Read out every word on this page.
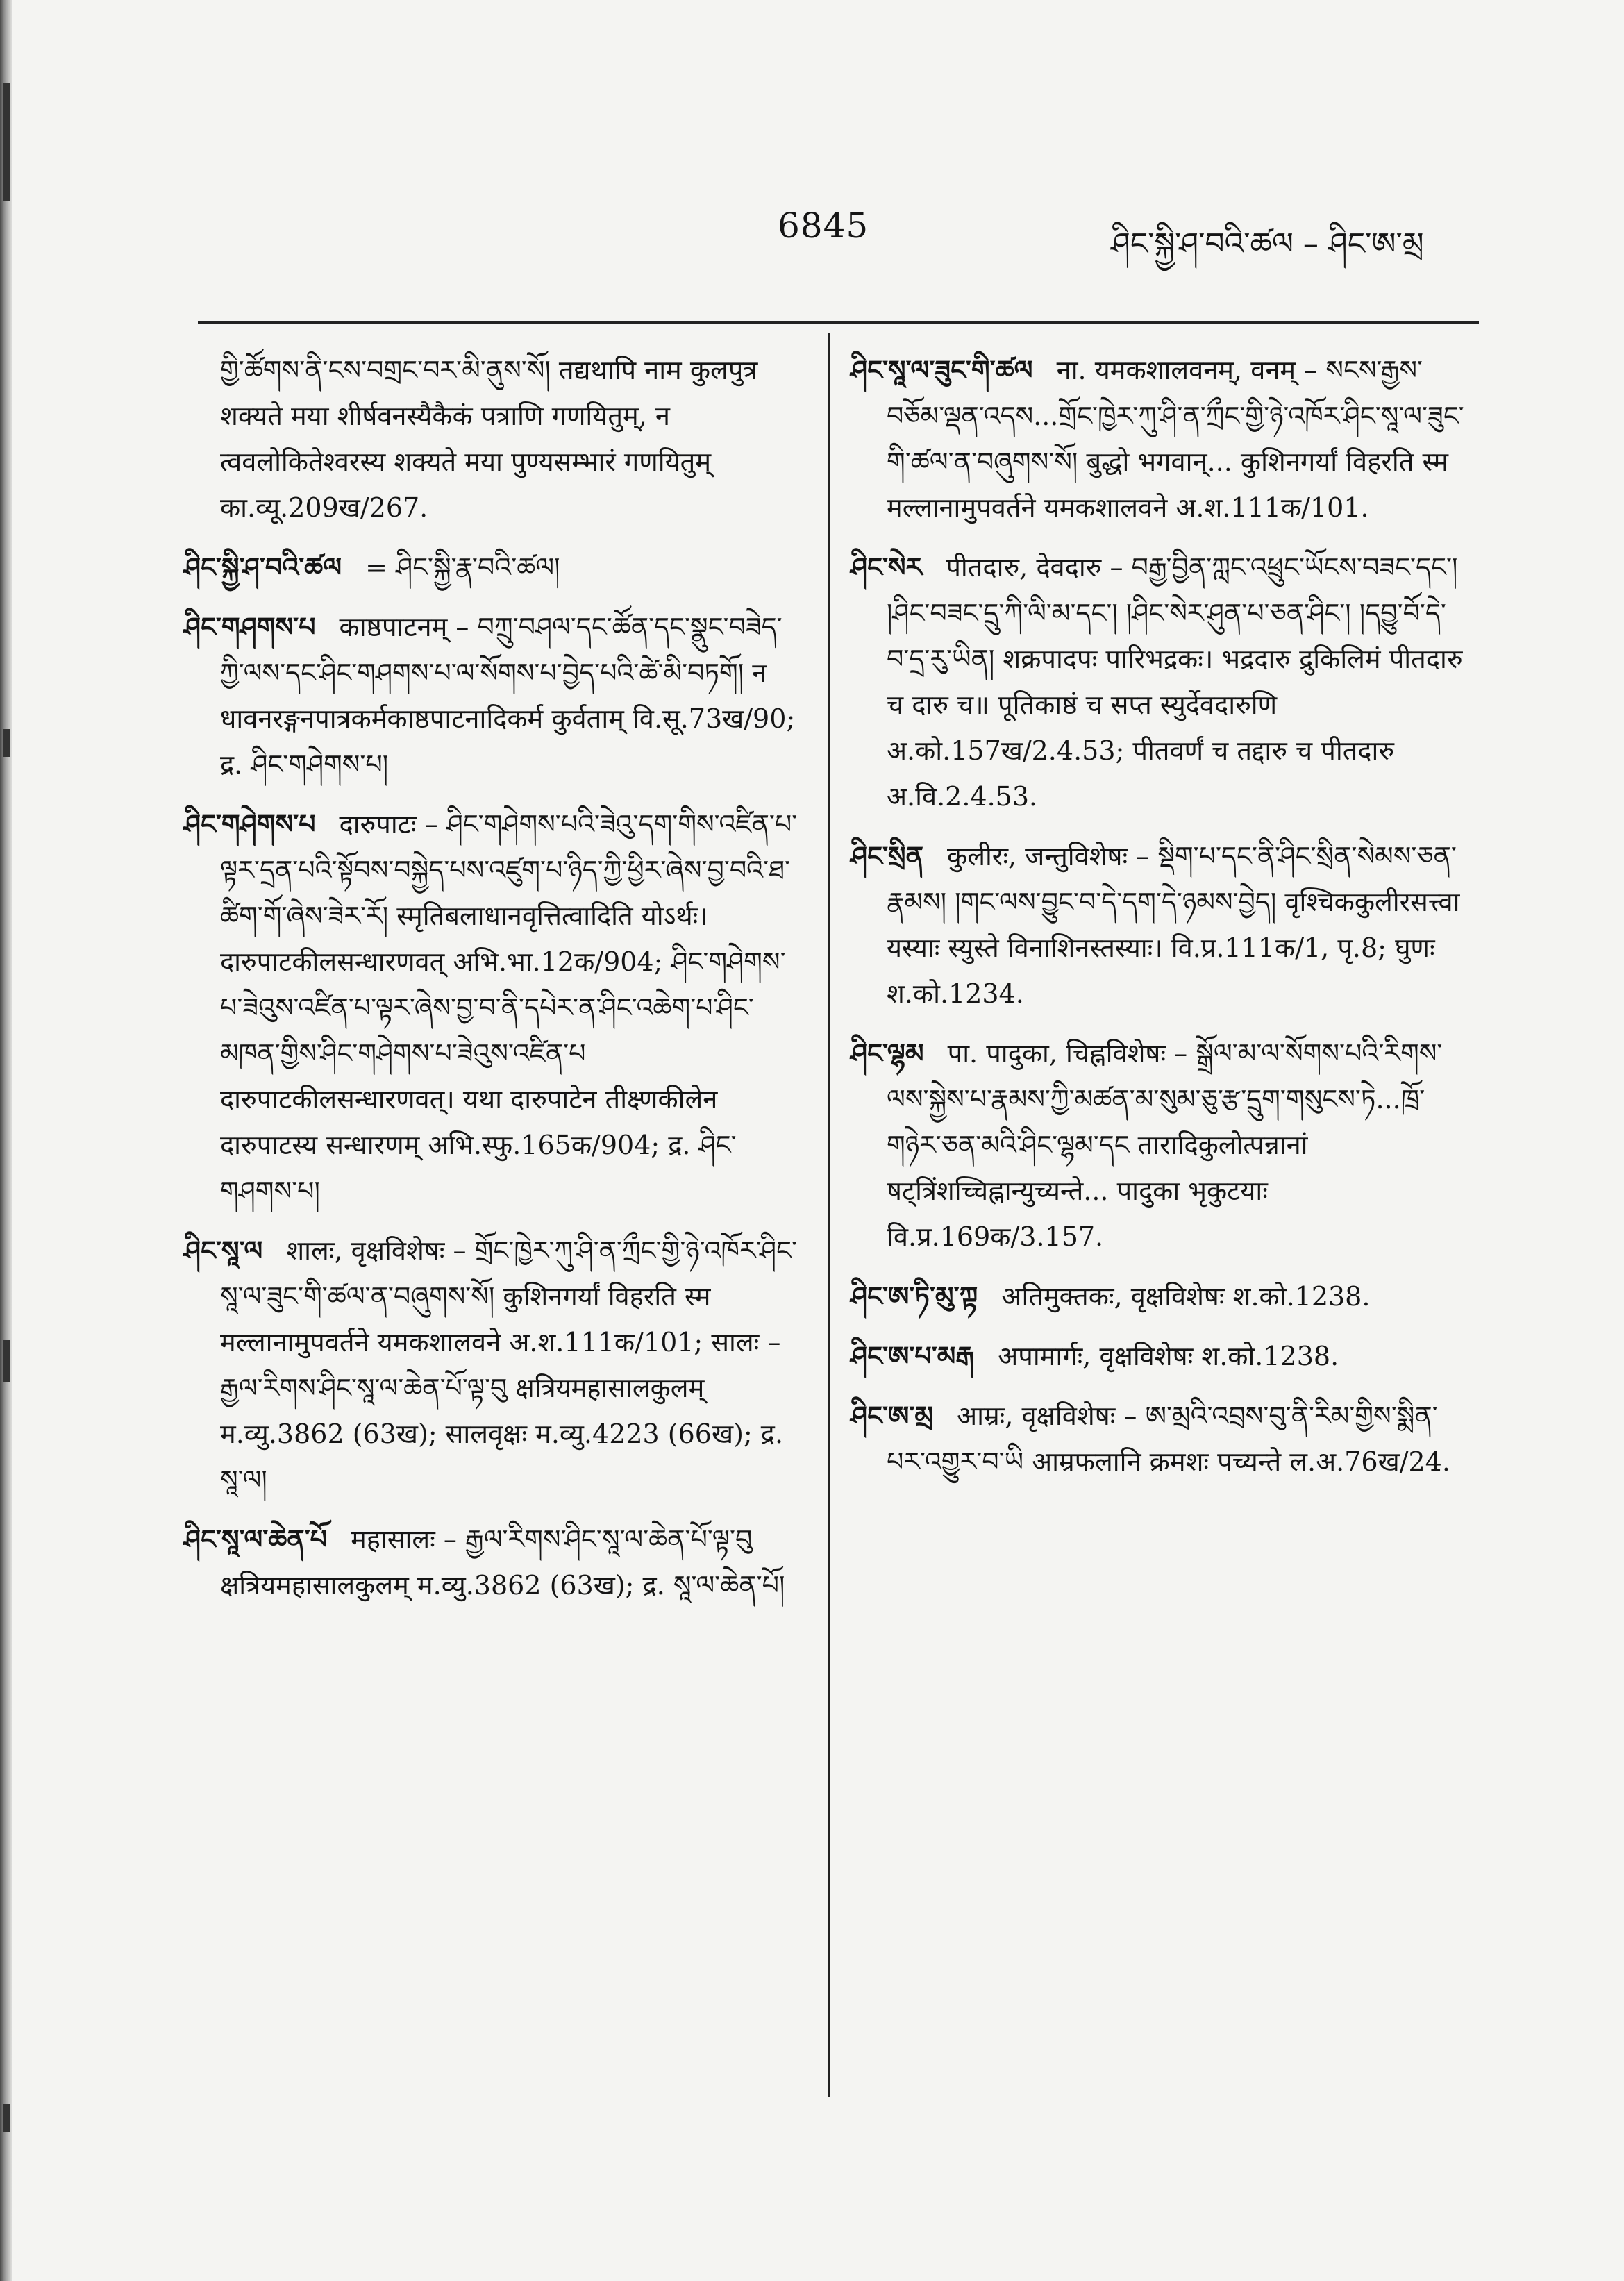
6845	ཤིང་སྐྱི་ཤ་བའི་ཚལ – ཤིང་ཨ་མྲ

གྱི་ཚོགས་ནི་ངས་བགྲང་བར་མི་ནུས་སོ། तद्यथापि नाम कुलपुत्र शक्यते मया शीर्षवनस्यैकैकं पत्राणि गणयितुम्, न त्ववलोकितेश्वरस्य शक्यते मया पुण्यसम्भारं गणयितुम् का.व्यू.209ख/267.

ཤིང་སྐྱི་ཤ་བའི་ཚལ = ཤིང་སྐྱི་རྣ་བའི་ཚལ།

ཤིང་གཤགས་པ काष्ठपाटनम् – བཀྲུ་བཤལ་དང་ཚོན་དང་སྣུང་བཟེད་ཀྱི་ལས་དང་ཤིང་གཤགས་པ་ལ་སོགས་པ་བྱེད་པའི་ཚེ་མི་བཏགོ། न धावनरङ्गनपात्रकर्मकाष्ठपाटनादिकर्म कुर्वताम् वि.सू.73ख/90; द्र. ཤིང་གཤེགས་པ།

ཤིང་གཤེགས་པ दारुपाटः – ཤིང་གཤེགས་པའི་ཟེའུ་དག་གིས་འཛིན་པ་ལྟར་དྲན་པའི་སྟོབས་བསྐྱེད་པས་འཛུག་པ་ཉིད་ཀྱི་ཕྱིར་ཞེས་བྱ་བའི་ཐ་ཚིག་གོ་ཞེས་ཟེར་རོ། स्मृतिबलाधानवृत्तित्वादिति योऽर्थः। दारुपाटकीलसन्धारणवत् अभि.भा.12क/904; ཤིང་གཤེགས་པ་ཟེའུས་འཛིན་པ་ལྟར་ཞེས་བྱ་བ་ནི་དཔེར་ན་ཤིང་འཆེག་པ་ཤིང་མཁན་གྱིས་ཤིང་གཤེགས་པ་ཟེའུས་འཛིན་པ दारुपाटकीलसन्धारणवत्। यथा दारुपाटेन तीक्ष्णकीलेन दारुपाटस्य सन्धारणम् अभि.स्फु.165क/904; द्र. ཤིང་གཤགས་པ།

ཤིང་སཱ་ལ शालः, वृक्षविशेषः – གྲོང་ཁྱེར་ཀུ་ཤི་ན་ཀྲྀང་གྱི་ཉེ་འཁོར་ཤིང་སཱ་ལ་ཟུང་གི་ཚལ་ན་བཞུགས་སོ། कुशिनगर्यां विहरति स्म मल्लानामुपवर्तने यमकशालवने अ.श.111क/101; सालः – རྒྱལ་རིགས་ཤིང་སཱ་ལ་ཆེན་པོ་ལྟ་བུ क्षत्रियमहासालकुलम् म.व्यु.3862 (63ख); सालवृक्षः म.व्यु.4223 (66ख); द्र. སཱ་ལ།

ཤིང་སཱ་ལ་ཆེན་པོ महासालः – རྒྱལ་རིགས་ཤིང་སཱ་ལ་ཆེན་པོ་ལྟ་བུ क्षत्रियमहासालकुलम् म.व्यु.3862 (63ख); द्र. སཱ་ལ་ཆེན་པོ།

ཤིང་སཱ་ལ་ཟུང་གི་ཚལ ना. यमकशालवनम्, वनम् – སངས་རྒྱས་བཅོམ་ལྡན་འདས...གྲོང་ཁྱེར་ཀུ་ཤི་ན་ཀྲྀང་གྱི་ཉེ་འཁོར་ཤིང་སཱ་ལ་ཟུང་གི་ཚལ་ན་བཞུགས་སོ། बुद्धो भगवान्... कुशिनगर्यां विहरति स्म मल्लानामुपवर्तने यमकशालवने अ.श.111क/101.

ཤིང་སེར पीतदारु, देवदारु – བརྒྱ་བྱིན་ཀླང་འཕྲུང་ཡོངས་བཟང་དང་། །ཤིང་བཟང་དྲུ་ཀི་ལི་མ་དང་། །ཤིང་སེར་ཤུན་པ་ཅན་ཤིང་། །དབྱུ་བོ་དེ་བ་དྲ་རུ་ཡིན། शक्रपादपः पारिभद्रकः। भद्रदारु द्रुकिलिमं पीतदारु च दारु च॥ पूतिकाष्ठं च सप्त स्युर्देवदारुणि अ.को.157ख/2.4.53; पीतवर्णं च तद्दारु च पीतदारु अ.वि.2.4.53.

ཤིང་སྲིན कुलीरः, जन्तुविशेषः – སྡིག་པ་དང་ནི་ཤིང་སྲིན་སེམས་ཅན་རྣམས། །གང་ལས་བྱུང་བ་དེ་དག་དེ་ཉམས་བྱེད། वृश्चिककुलीरसत्त्वा यस्याः स्युस्ते विनाशिनस्तस्याः। वि.प्र.111क/1, पृ.8; घुणः श.को.1234.

ཤིང་ལྷམ पा. पादुका, चिह्नविशेषः – སྒྲོལ་མ་ལ་སོགས་པའི་རིགས་ལས་སྐྱེས་པ་རྣམས་ཀྱི་མཚན་མ་སུམ་ཅུ་རྩ་དྲུག་གསུངས་ཏེ...ཁྲོ་གཉེར་ཅན་མའི་ཤིང་ལྷམ་དང तारादिकुलोत्पन्नानां षट्त्रिंशच्चिह्नान्युच्यन्ते... पादुका भृकुटयाः वि.प्र.169क/3.157.

ཤིང་ཨ་ཏི་མུ་ཀྟ अतिमुक्तकः, वृक्षविशेषः श.को.1238.

ཤིང་ཨ་པ་མརྒ अपामार्गः, वृक्षविशेषः श.को.1238.

ཤིང་ཨ་མྲ आम्रः, वृक्षविशेषः – ཨ་མྲའི་འབྲས་བུ་ནི་རིམ་གྱིས་སྨིན་པར་འགྱུར་བ་ཡི आम्रफलानि क्रमशः पच्यन्ते ल.अ.76ख/24.
